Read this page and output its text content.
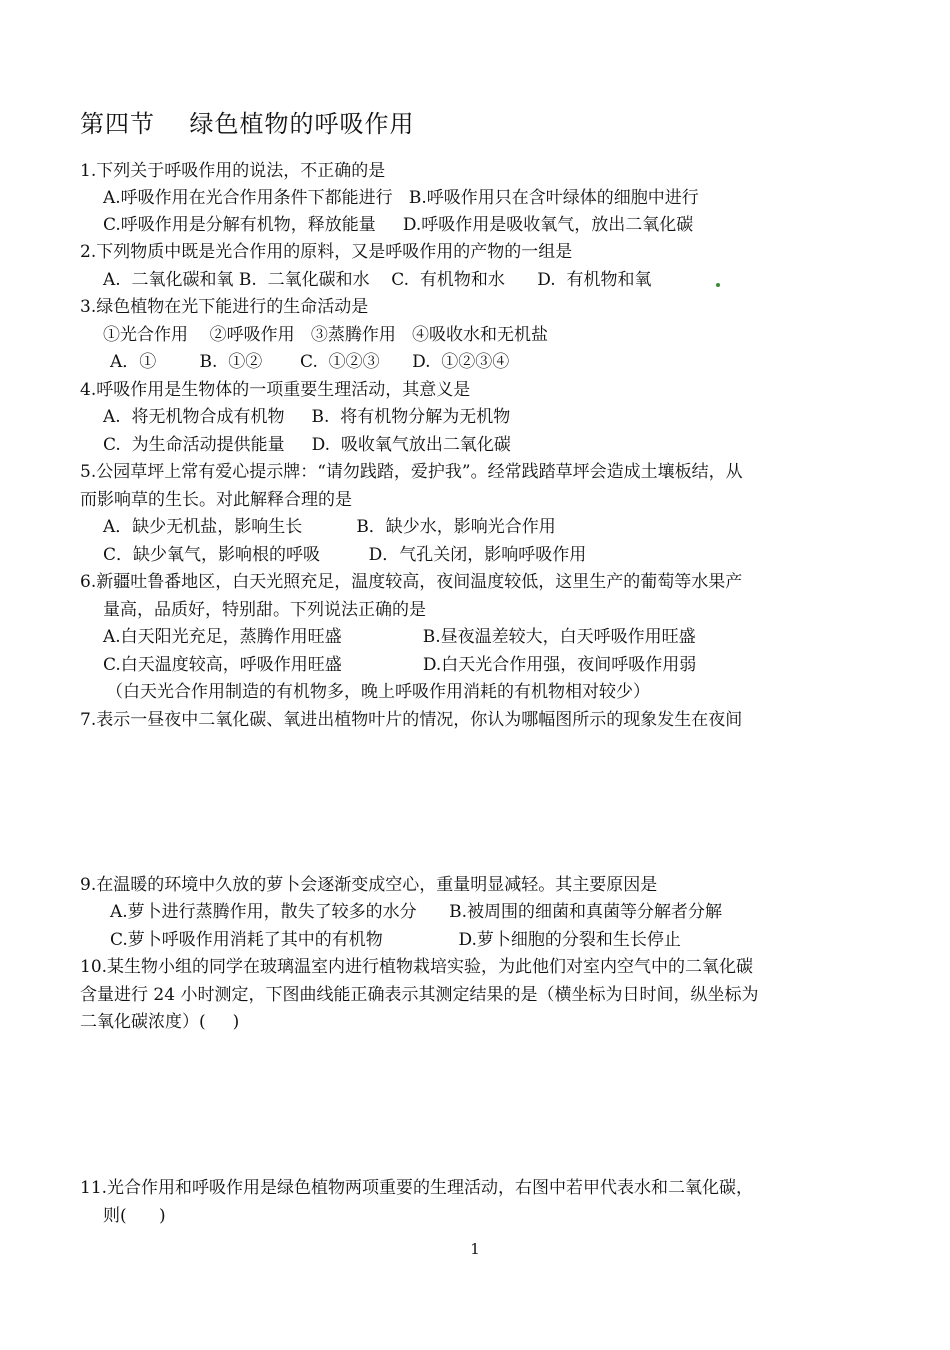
第四节    绿色植物的呼吸作用
1.下列关于呼吸作用的说法，不正确的是
A.呼吸作用在光合作用条件下都能进行   B.呼吸作用只在含叶绿体的细胞中进行
C.呼吸作用是分解有机物，释放能量     D.呼吸作用是吸收氧气，放出二氧化碳
2.下列物质中既是光合作用的原料，又是呼吸作用的产物的一组是
A.  二氧化碳和氧 B.  二氧化碳和水    C.  有机物和水      D.  有机物和氧
3.绿色植物在光下能进行的生命活动是
①光合作用    ②呼吸作用   ③蒸腾作用   ④吸收水和无机盐
A．①        B.  ①②       C.  ①②③      D.  ①②③④
4.呼吸作用是生物体的一项重要生理活动，其意义是
A.  将无机物合成有机物     B.  将有机物分解为无机物
C.  为生命活动提供能量     D.  吸收氧气放出二氧化碳
5.公园草坪上常有爱心提示牌：“请勿践踏，爱护我”。经常践踏草坪会造成土壤板结，从
而影响草的生长。对此解释合理的是
A．缺少无机盐，影响生长          B．缺少水，影响光合作用
C．缺少氧气，影响根的呼吸         D．气孔关闭，影响呼吸作用
6.新疆吐鲁番地区，白天光照充足，温度较高，夜间温度较低，这里生产的葡萄等水果产
量高，品质好，特别甜。下列说法正确的是
A.白天阳光充足，蒸腾作用旺盛               B.昼夜温差较大，白天呼吸作用旺盛
C.白天温度较高，呼吸作用旺盛               D.白天光合作用强，夜间呼吸作用弱
（白天光合作用制造的有机物多，晚上呼吸作用消耗的有机物相对较少）
7.表示一昼夜中二氧化碳、氧进出植物叶片的情况，你认为哪幅图所示的现象发生在夜间
9.在温暖的环境中久放的萝卜会逐渐变成空心，重量明显减轻。其主要原因是
A.萝卜进行蒸腾作用，散失了较多的水分      B.被周围的细菌和真菌等分解者分解
C.萝卜呼吸作用消耗了其中的有机物              D.萝卜细胞的分裂和生长停止
10.某生物小组的同学在玻璃温室内进行植物栽培实验，为此他们对室内空气中的二氧化碳
含量进行 24 小时测定，下图曲线能正确表示其测定结果的是（横坐标为日时间，纵坐标为
二氧化碳浓度）(     )
11.光合作用和呼吸作用是绿色植物两项重要的生理活动，右图中若甲代表水和二氧化碳，
则(      )
1
